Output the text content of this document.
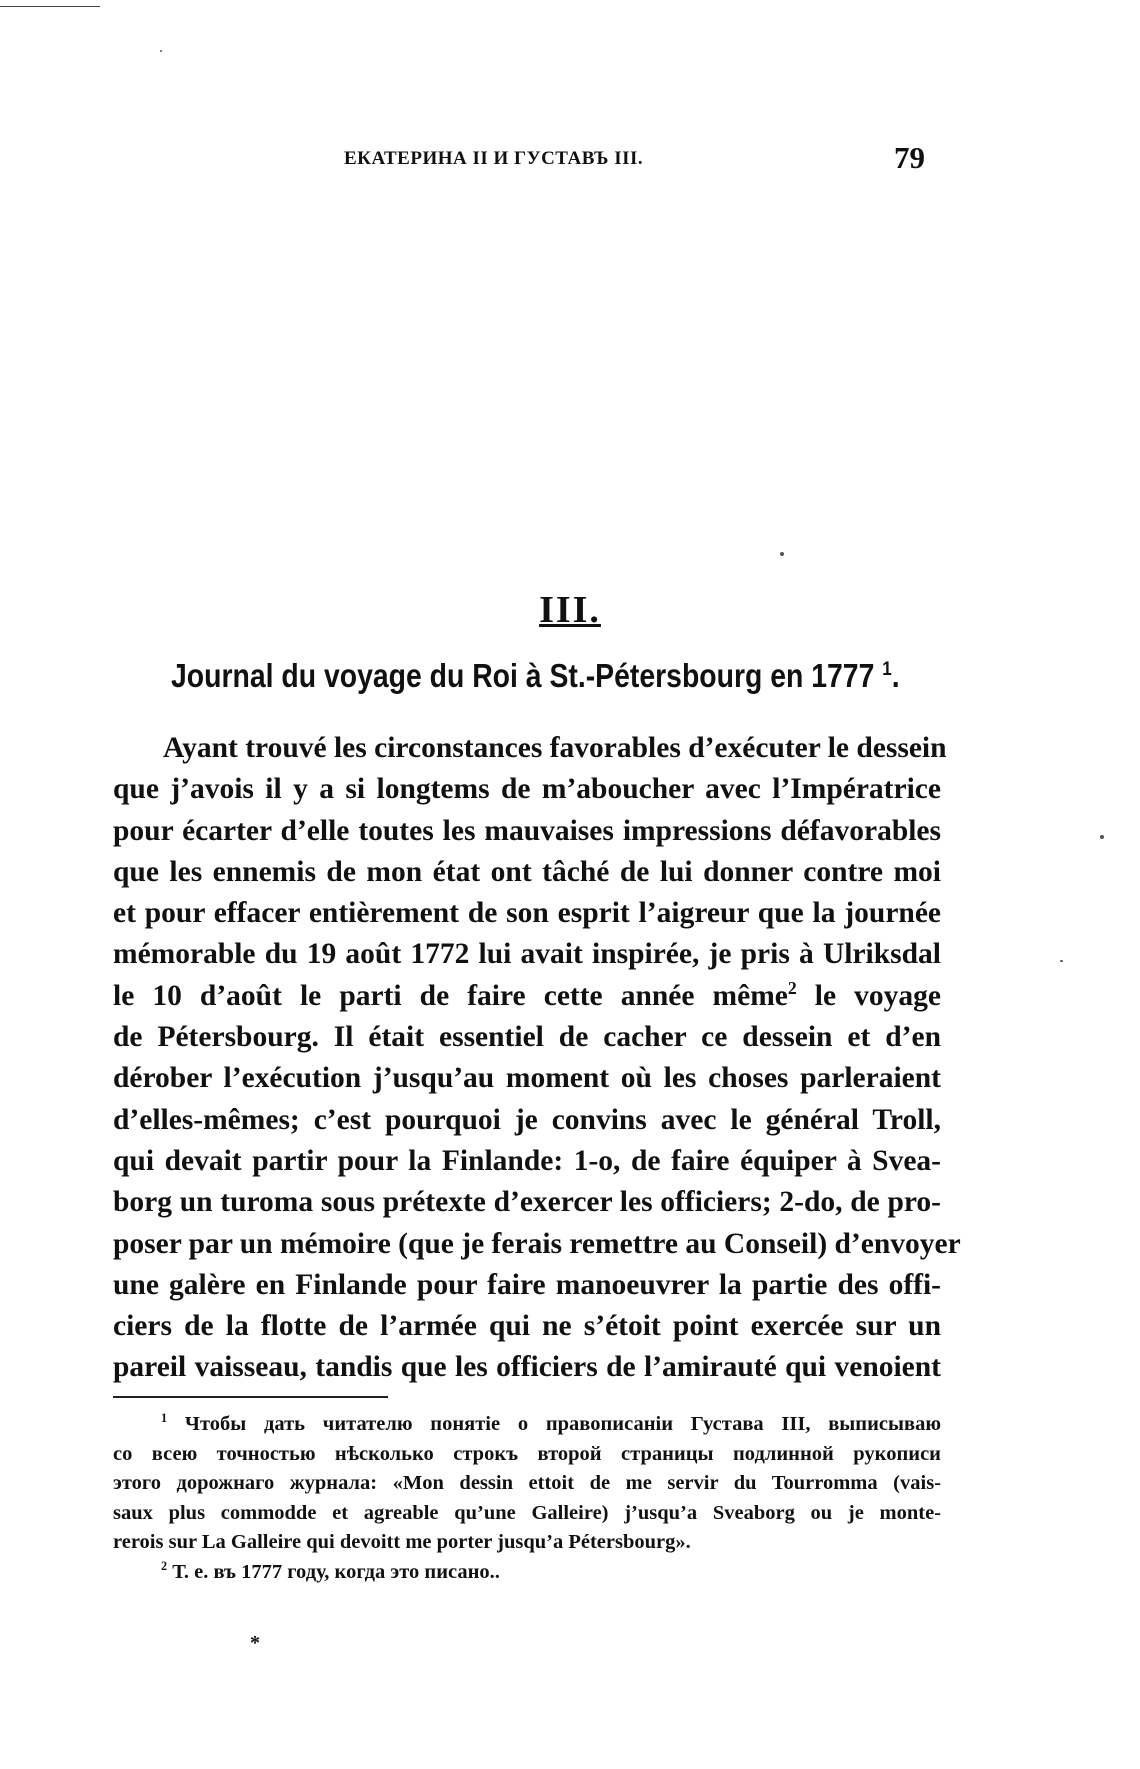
ЕКАТЕРИНА II И ГУСТАВЪ III.	79
III.
Journal du voyage du Roi à St.-Pétersbourg en 1777 $^1$.
Ayant trouvé les circonstances favorables d’exécuter le dessein
que j’avois il y a si longtems de m’aboucher avec l’Impératrice
pour écarter d’elle toutes les mauvaises impressions défavorables
que les ennemis de mon état ont tâché de lui donner contre moi
et pour effacer entièrement de son esprit l’aigreur que la journée
mémorable du 19 août 1772 lui avait inspirée, je pris à Ulriksdal
le 10 d’août le parti de faire cette année même$^2$ le voyage
de Pétersbourg. Il était essentiel de cacher ce dessein et d’en
dérober l’exécution j’usqu’au moment où les choses parleraient
d’elles-mêmes; c’est pourquoi je convins avec le général Troll,
qui devait partir pour la Finlande: 1-o, de faire équiper à Svea-
borg un turoma sous prétexte d’exercer les officiers; 2-do, de pro-
poser par un mémoire (que je ferais remettre au Conseil) d’envoyer
une galère en Finlande pour faire manoeuvrer la partie des offi-
ciers de la flotte de l’armée qui ne s’étoit point exercée sur un
pareil vaisseau, tandis que les officiers de l’amirauté qui venoient
$^1$ Чтобы дать читателю понятіе о правописаніи Густава III, выписываю
со всею точностью нѣсколько строкъ второй страницы подлинной рукописи
этого дорожнаго журнала: «Mon dessin ettoit de me servir du Tourromma (vais-
saux plus commodde et agreable qu’une Galleire) j’usqu’a Sveaborg ou je monte-
rerois sur La Galleire qui devoitt me porter jusqu’a Pétersbourg».
$^2$ Т. е. въ 1777 году, когда это писано..
*
